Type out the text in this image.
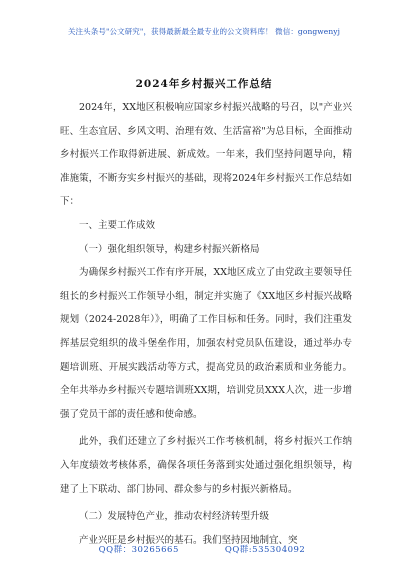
关注头条号"公文研究"，获得最新最全最专业的公文资料库！ 微信：gongwenyj
2024年乡村振兴工作总结

2024年，XX地区积极响应国家乡村振兴战略的号召，以"产业兴旺、生态宜居、乡风文明、治理有效、生活富裕"为总目标，全面推动乡村振兴工作取得新进展、新成效。一年来，我们坚持问题导向，精准施策，不断夯实乡村振兴的基础，现将2024年乡村振兴工作总结如下：

一、主要工作成效

（一）强化组织领导，构建乡村振兴新格局

为确保乡村振兴工作有序开展，XX地区成立了由党政主要领导任组长的乡村振兴工作领导小组，制定并实施了《XX地区乡村振兴战略规划（2024-2028年）》，明确了工作目标和任务。同时，我们注重发挥基层党组织的战斗堡垒作用，加强农村党员队伍建设，通过举办专题培训班、开展实践活动等方式，提高党员的政治素质和业务能力。全年共举办乡村振兴专题培训班XX期，培训党员XXX人次，进一步增强了党员干部的责任感和使命感。

此外，我们还建立了乡村振兴工作考核机制，将乡村振兴工作纳入年度绩效考核体系，确保各项任务落到实处通过强化组织领导，构建了上下联动、部门协同、群众参与的乡村振兴新格局。

（二）发展特色产业，推动农村经济转型升级

产业兴旺是乡村振兴的基石。我们坚持因地制宜、突

QQ群：30265665	QQ群:535304092
